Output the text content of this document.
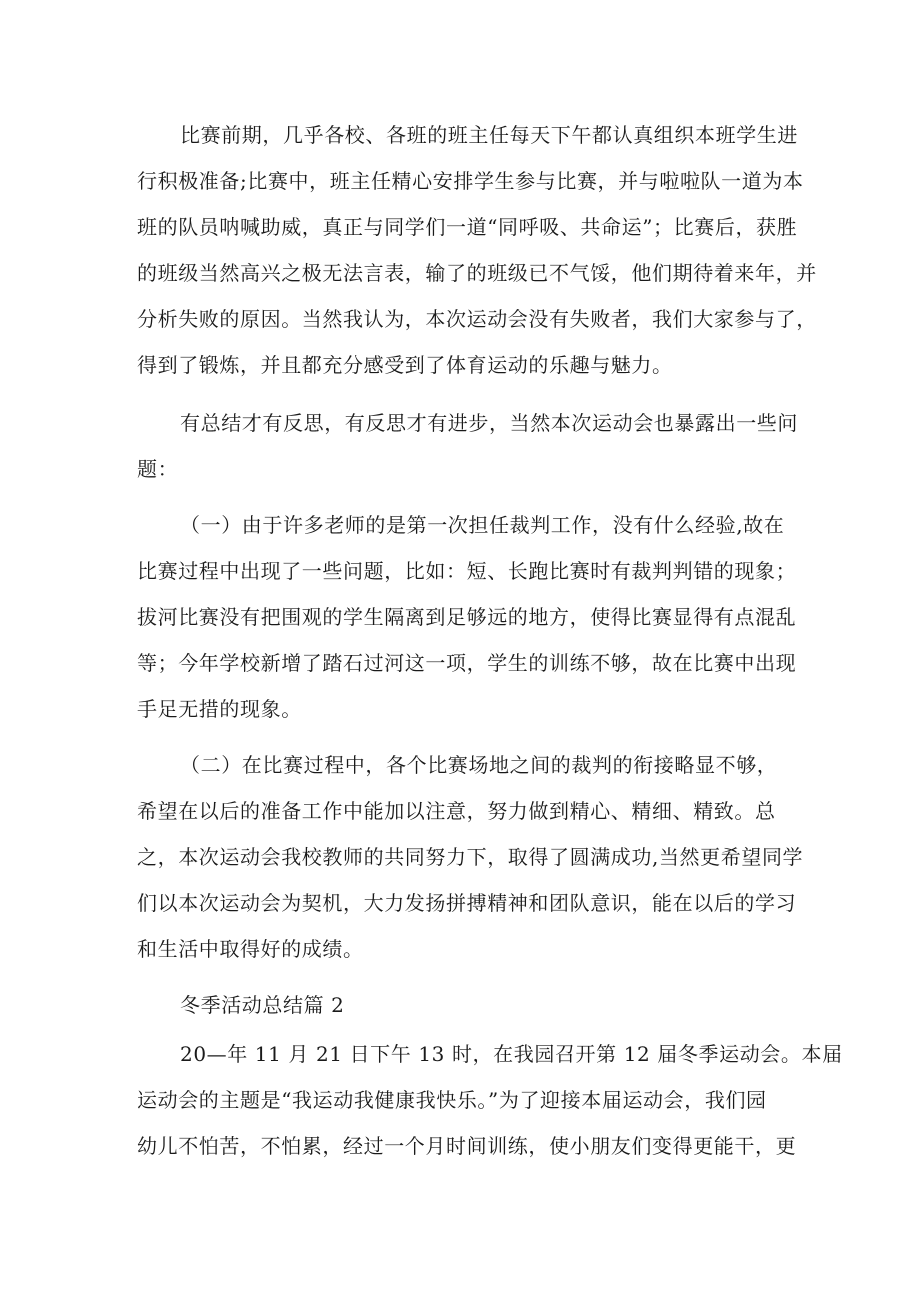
比赛前期，几乎各校、各班的班主任每天下午都认真组织本班学生进

行积极准备;比赛中，班主任精心安排学生参与比赛，并与啦啦队一道为本

班的队员呐喊助威，真正与同学们一道“同呼吸、共命运”；比赛后，获胜

的班级当然高兴之极无法言表，输了的班级已不气馁，他们期待着来年，并

分析失败的原因。当然我认为，本次运动会没有失败者，我们大家参与了，

得到了锻炼，并且都充分感受到了体育运动的乐趣与魅力。

有总结才有反思，有反思才有进步，当然本次运动会也暴露出一些问

题：

（一）由于许多老师的是第一次担任裁判工作，没有什么经验,故在

比赛过程中出现了一些问题，比如：短、长跑比赛时有裁判判错的现象；

拔河比赛没有把围观的学生隔离到足够远的地方，使得比赛显得有点混乱

等；今年学校新增了踏石过河这一项，学生的训练不够，故在比赛中出现

手足无措的现象。

（二）在比赛过程中，各个比赛场地之间的裁判的衔接略显不够，

希望在以后的准备工作中能加以注意，努力做到精心、精细、精致。总

之，本次运动会我校教师的共同努力下，取得了圆满成功,当然更希望同学

们以本次运动会为契机，大力发扬拼搏精神和团队意识，能在以后的学习

和生活中取得好的成绩。

冬季活动总结篇 2

20—年 11 月 21 日下午 13 时，在我园召开第 12 届冬季运动会。本届

运动会的主题是“我运动我健康我快乐。”为了迎接本届运动会，我们园

幼儿不怕苦，不怕累，经过一个月时间训练，使小朋友们变得更能干，更
